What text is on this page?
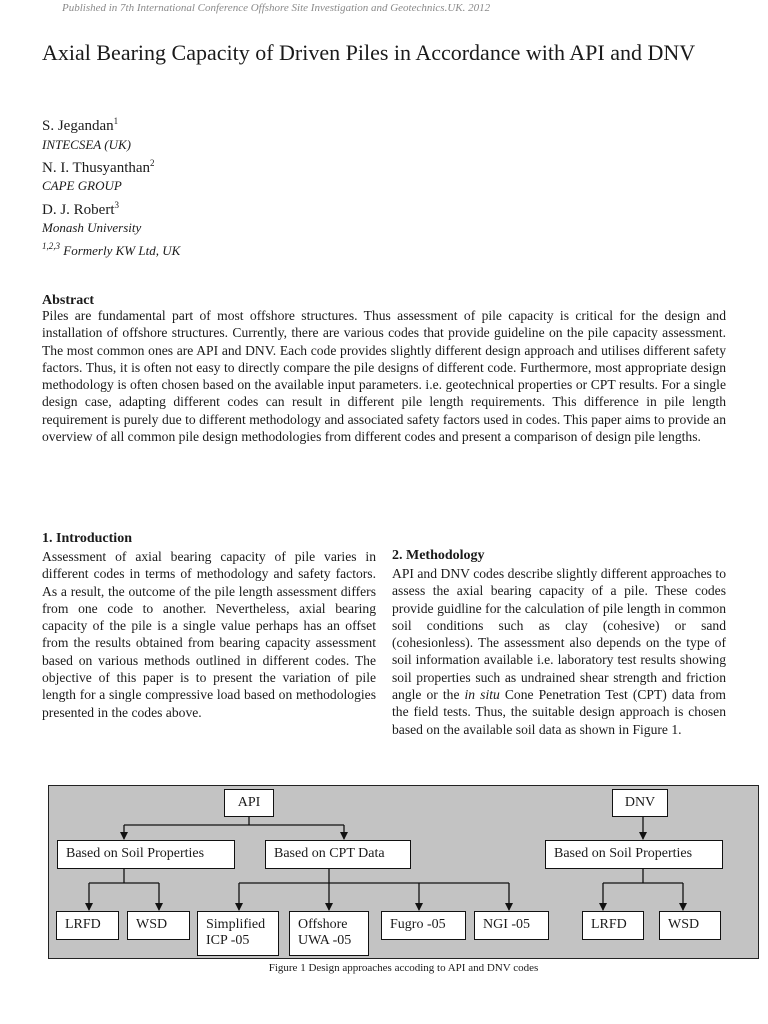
Published in 7th International Conference Offshore Site Investigation and Geotechnics.UK. 2012
Axial Bearing Capacity of Driven Piles in Accordance with API and DNV
S. Jegandan$^1$
INTECSEA (UK)
N. I. Thusyanthan$^2$
CAPE GROUP
D. J. Robert$^3$
Monash University
$^{1,2,3}$ Formerly KW Ltd, UK
Abstract
Piles are fundamental part of most offshore structures. Thus assessment of pile capacity is critical for the design and installation of offshore structures. Currently, there are various codes that provide guideline on the pile capacity assessment. The most common ones are API and DNV. Each code provides slightly different design approach and utilises different safety factors. Thus, it is often not easy to directly compare the pile designs of different code. Furthermore, most appropriate design methodology is often chosen based on the available input parameters. i.e. geotechnical properties or CPT results. For a single design case, adapting different codes can result in different pile length requirements. This difference in pile length requirement is purely due to different methodology and associated safety factors used in codes. This paper aims to provide an overview of all common pile design methodologies from different codes and present a comparison of design pile lengths.
1. Introduction
Assessment of axial bearing capacity of pile varies in different codes in terms of methodology and safety factors. As a result, the outcome of the pile length assessment differs from one code to another. Nevertheless, axial bearing capacity of the pile is a single value perhaps has an offset from the results obtained from bearing capacity assessment based on various methods outlined in different codes. The objective of this paper is to present the variation of pile length for a single compressive load based on methodologies presented in the codes above.
2. Methodology
API and DNV codes describe slightly different approaches to assess the axial bearing capacity of a pile. These codes provide guidline for the calculation of pile length in common soil conditions such as clay (cohesive) or sand (cohesionless). The assessment also depends on the type of soil information available i.e. laboratory test results showing soil properties such as undrained shear strength and friction angle or the in situ Cone Penetration Test (CPT) data from the field tests. Thus, the suitable design approach is chosen based on the available soil data as shown in Figure 1.
API	DNV
Based on Soil Properties	Based on CPT Data	Based on Soil Properties
LRFD	WSD	Simplified
ICP -05
Offshore
UWA -05
Fugro -05	NGI -05	LRFD	WSD
Figure 1 Design approaches accoding to API and DNV codes
